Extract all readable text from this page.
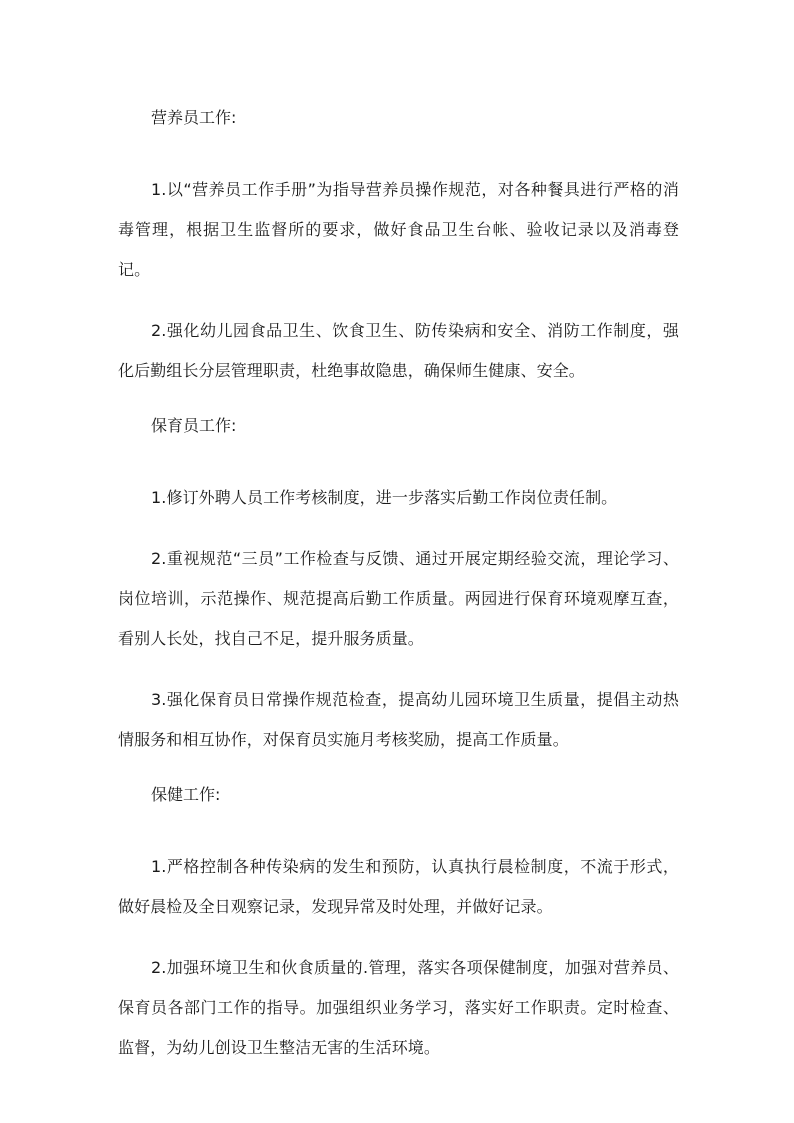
营养员工作:

1.以“营养员工作手册”为指导营养员操作规范，对各种餐具进行严格的消毒管理，根据卫生监督所的要求，做好食品卫生台帐、验收记录以及消毒登记。

2.强化幼儿园食品卫生、饮食卫生、防传染病和安全、消防工作制度，强化后勤组长分层管理职责，杜绝事故隐患，确保师生健康、安全。

保育员工作:

1.修订外聘人员工作考核制度，进一步落实后勤工作岗位责任制。

2.重视规范“三员”工作检查与反馈、通过开展定期经验交流，理论学习、岗位培训，示范操作、规范提高后勤工作质量。两园进行保育环境观摩互查，看别人长处，找自己不足，提升服务质量。

3.强化保育员日常操作规范检查，提高幼儿园环境卫生质量，提倡主动热情服务和相互协作，对保育员实施月考核奖励，提高工作质量。

保健工作:

1.严格控制各种传染病的发生和预防，认真执行晨检制度，不流于形式，做好晨检及全日观察记录，发现异常及时处理，并做好记录。

2.加强环境卫生和伙食质量的.管理，落实各项保健制度，加强对营养员、保育员各部门工作的指导。加强组织业务学习，落实好工作职责。定时检查、监督，为幼儿创设卫生整洁无害的生活环境。
